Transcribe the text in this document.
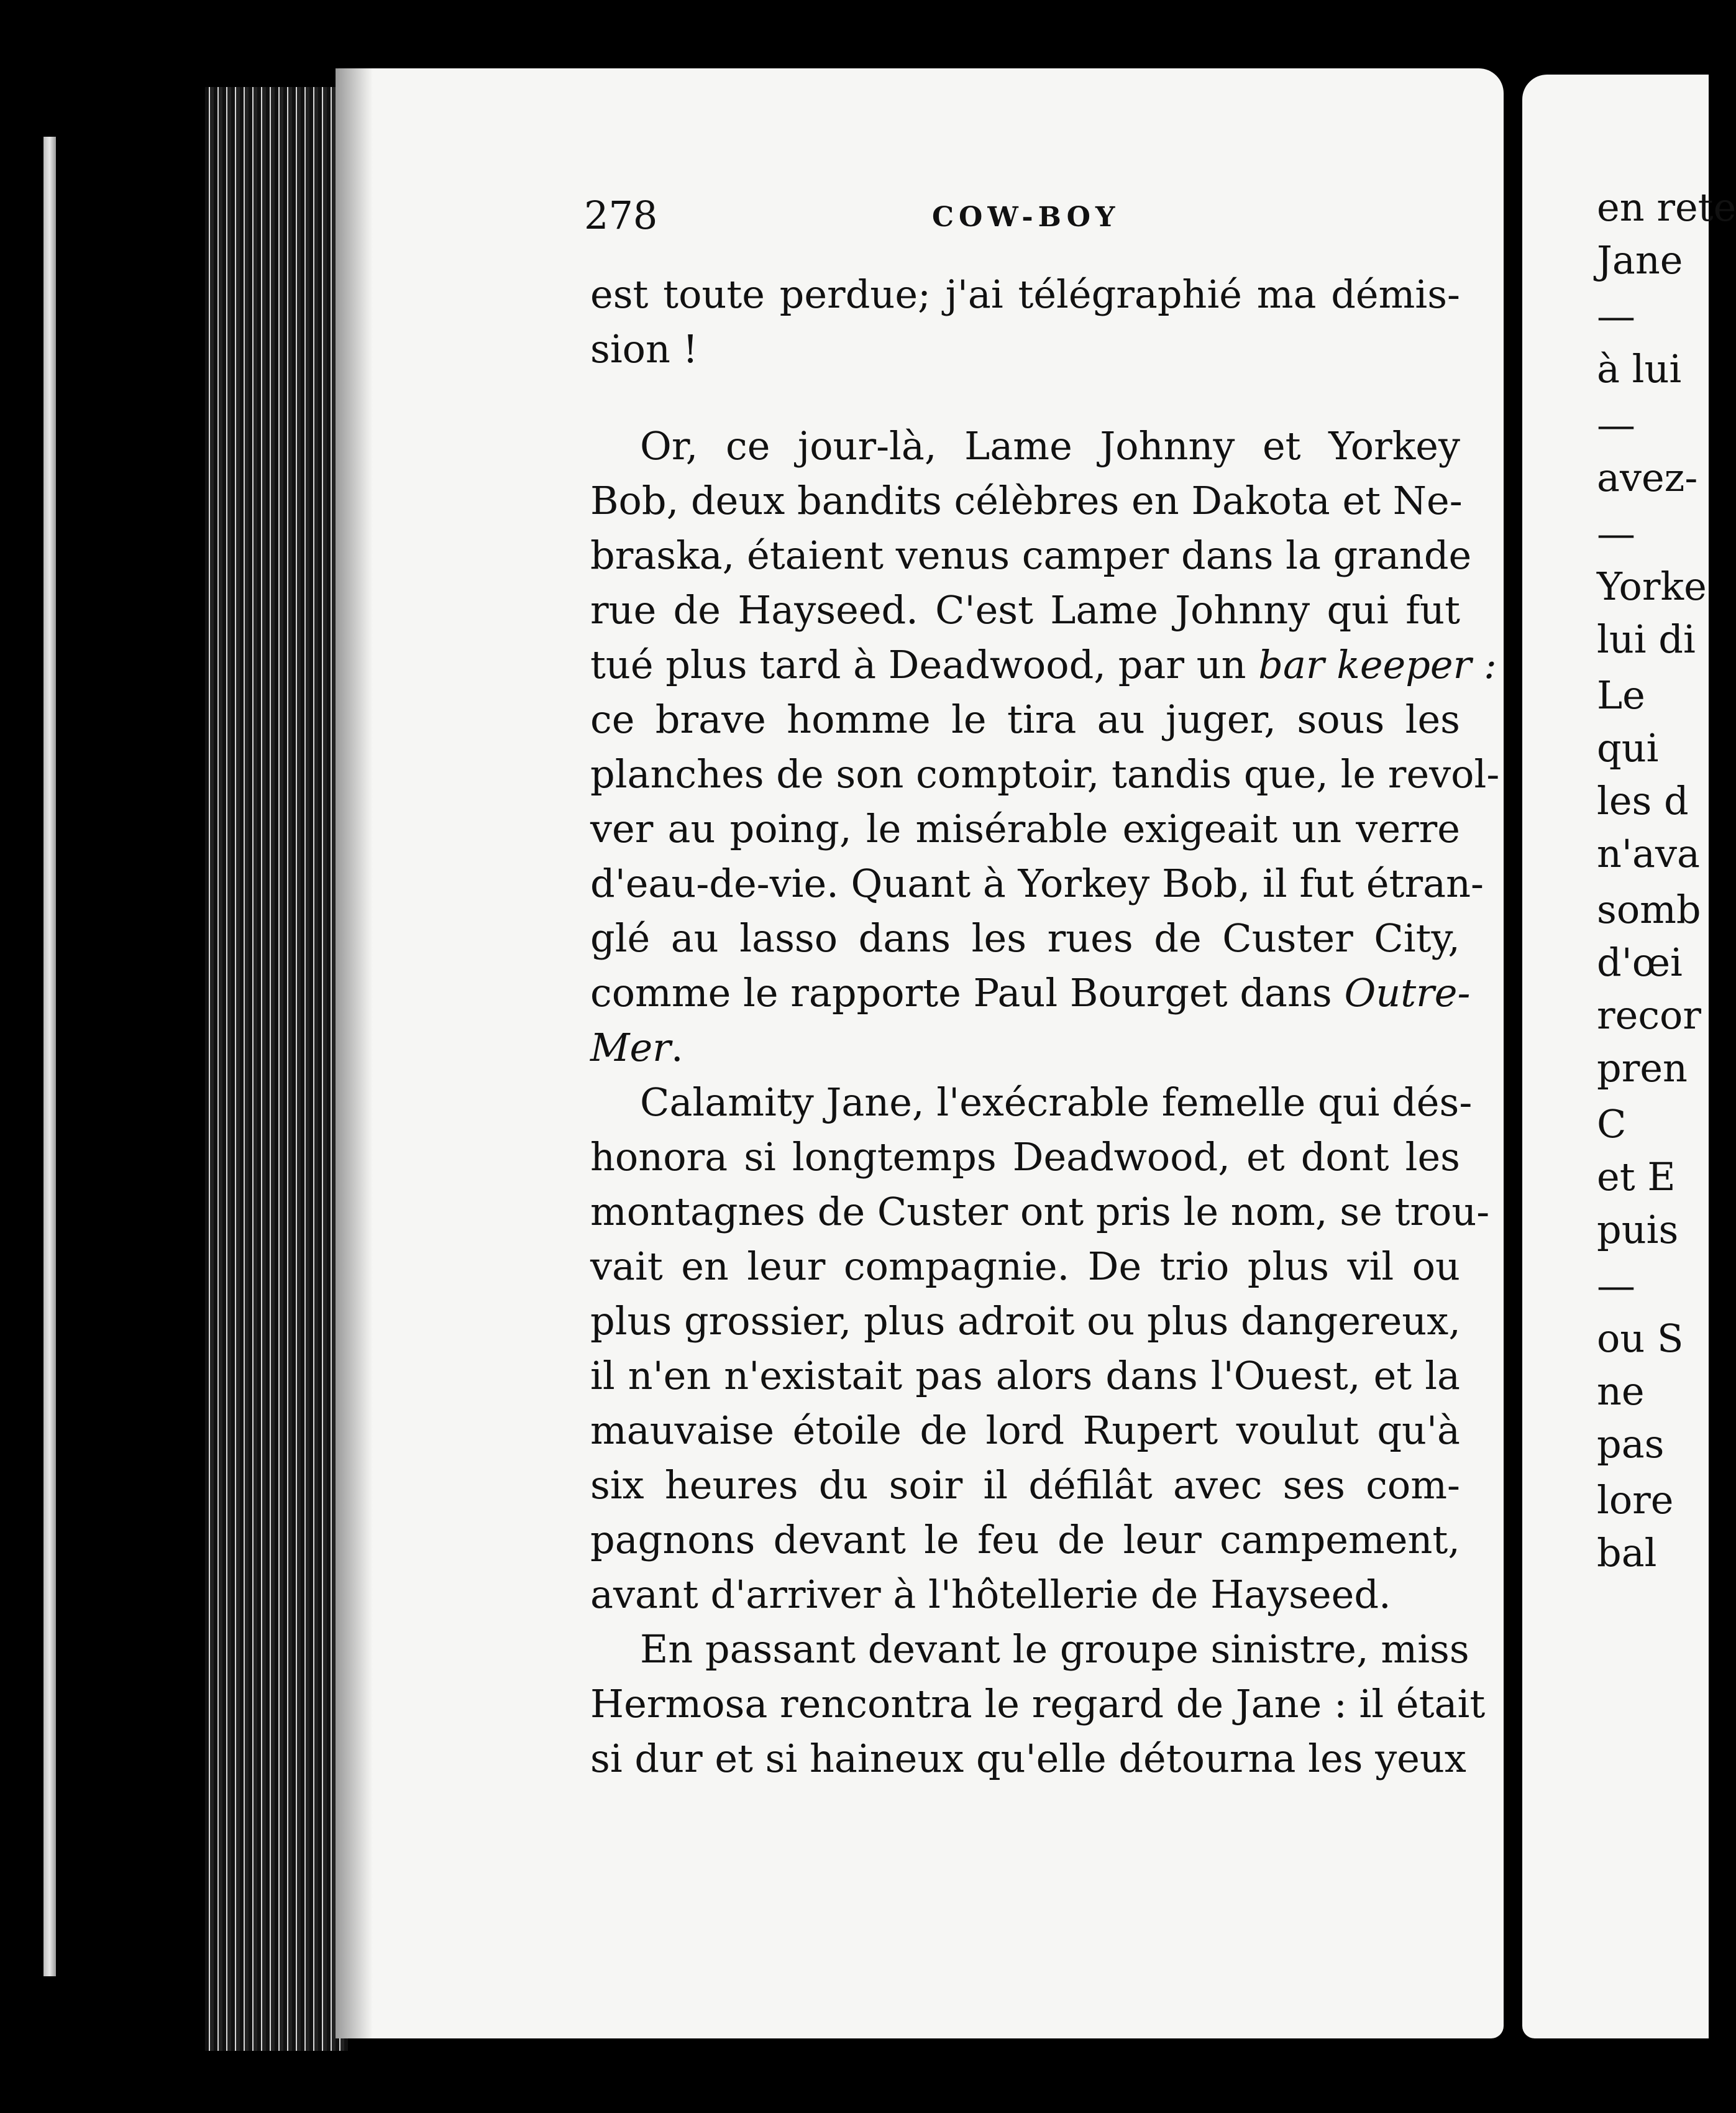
278	COW-BOY
est toute perdue; j'ai télégraphié ma démis-
sion !
Or, ce jour-là, Lame Johnny et Yorkey
Bob, deux bandits célèbres en Dakota et Ne-
braska, étaient venus camper dans la grande
rue de Hayseed. C'est Lame Johnny qui fut
tué plus tard à Deadwood, par un bar keeper :
ce brave homme le tira au juger, sous les
planches de son comptoir, tandis que, le revol-
ver au poing, le misérable exigeait un verre
d'eau-de-vie. Quant à Yorkey Bob, il fut étran-
glé au lasso dans les rues de Custer City,
comme le rapporte Paul Bourget dans Outre-
Mer.
Calamity Jane, l'exécrable femelle qui dés-
honora si longtemps Deadwood, et dont les
montagnes de Custer ont pris le nom, se trou-
vait en leur compagnie. De trio plus vil ou
plus grossier, plus adroit ou plus dangereux,
il n'en n'existait pas alors dans l'Ouest, et la
mauvaise étoile de lord Rupert voulut qu'à
six heures du soir il défilât avec ses com-
pagnons devant le feu de leur campement,
avant d'arriver à l'hôtellerie de Hayseed.
En passant devant le groupe sinistre, miss
Hermosa rencontra le regard de Jane : il était
si dur et si haineux qu'elle détourna les yeux
en rete
Jane
—
à lui
—
avez-
—
Yorke
lui di
Le
qui
les d
n'ava
somb
d'œi
recor
pren
C
et E
puis
—
ou S
ne
pas
lore
bal
